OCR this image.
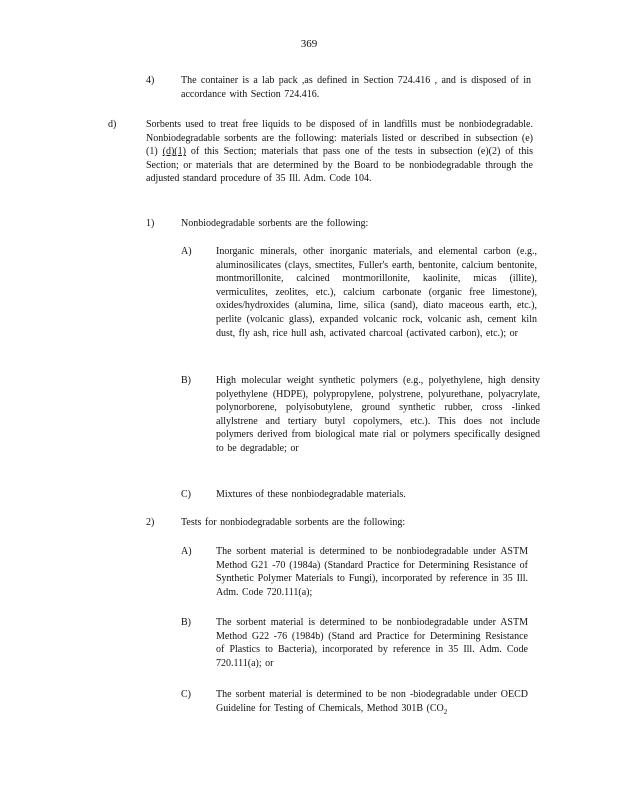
369
4)	The container is a lab pack ,as defined in Section 724.416 , and is disposed of in accordance with Section 724.416.
d)	Sorbents used to treat free liquids to be disposed of in landfills must be nonbiodegradable. Nonbiodegradable sorbents are the following: materials listed or described in subsection (e)(1) (d)(1) of this Section; materials that pass one of the tests in subsection (e)(2) of this Section; or materials that are determined by the Board to be nonbiodegradable through the adjusted standard procedure of 35 Ill. Adm. Code 104.
1)	Nonbiodegradable sorbents are the following:
A) Inorganic minerals, other inorganic materials, and elemental carbon (e.g., aluminosilicates (clays, smectites, Fuller's earth, bentonite, calcium bentonite, montmorillonite, calcined montmorillonite, kaolinite, micas (illite), vermiculites, zeolites, etc.), calcium carbonate (organic free limestone), oxides/hydroxides (alumina, lime, silica (sand), diato maceous earth, etc.), perlite (volcanic glass), expanded volcanic rock, volcanic ash, cement kiln dust, fly ash, rice hull ash, activated charcoal (activated carbon), etc.); or
B)	High molecular weight synthetic polymers (e.g., polyethylene, high density polyethylene (HDPE), polypropylene, polystrene, polyurethane, polyacrylate, polynorborene, polyisobutylene, ground synthetic rubber, cross -linked allylstrene and tertiary butyl copolymers, etc.). This does not include polymers derived from biological mate rial or polymers specifically designed to be degradable; or
C)	Mixtures of these nonbiodegradable materials.
2)	Tests for nonbiodegradable sorbents are the following:
A) The sorbent material is determined to be nonbiodegradable under ASTM Method G21 -70 (1984a) (Standard Practice for Determining Resistance of Synthetic Polymer Materials to Fungi), incorporated by reference in 35 Ill. Adm. Code 720.111(a);
B)	The sorbent material is determined to be nonbiodegradable under ASTM Method G22 -76 (1984b) (Stand ard Practice for Determining Resistance of Plastics to Bacteria), incorporated by reference in 35 Ill. Adm. Code 720.111(a); or
C)	The sorbent material is determined to be non -biodegradable under OECD Guideline for Testing of Chemicals, Method 301B ($CO_2$
